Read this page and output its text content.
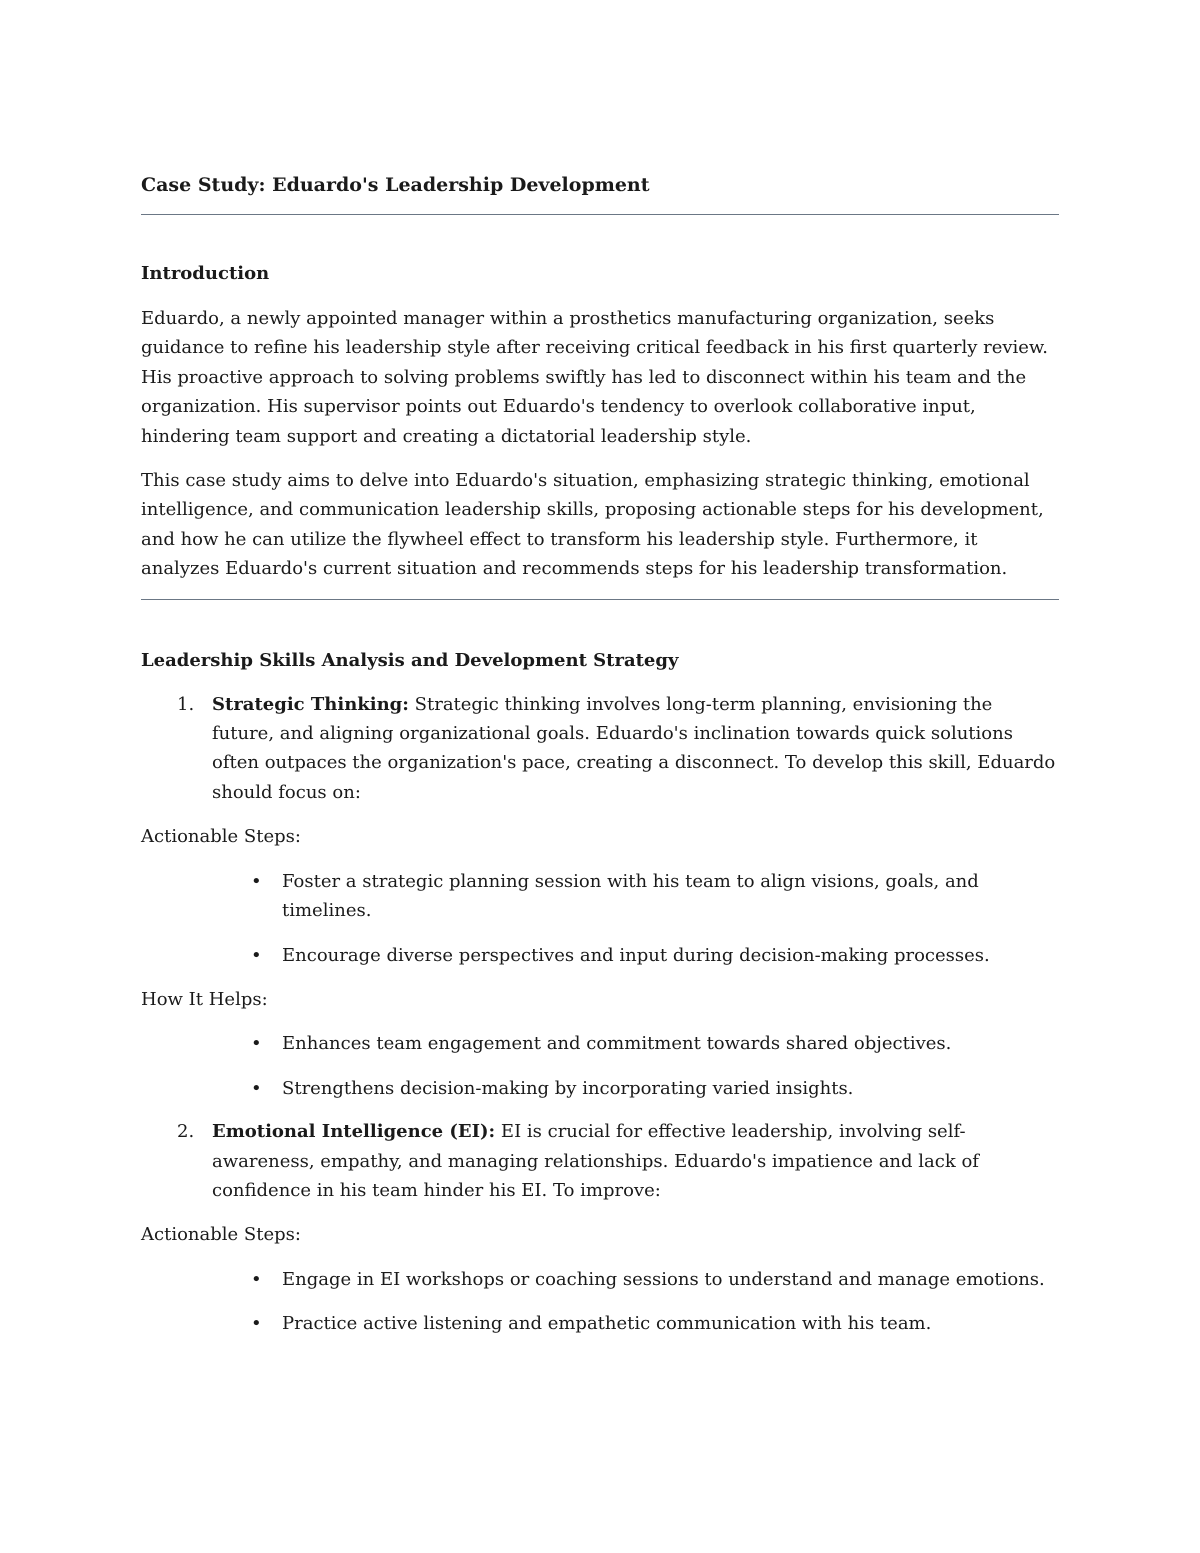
Case Study: Eduardo's Leadership Development
Introduction

Eduardo, a newly appointed manager within a prosthetics manufacturing organization, seeks guidance to refine his leadership style after receiving critical feedback in his first quarterly review. His proactive approach to solving problems swiftly has led to disconnect within his team and the organization. His supervisor points out Eduardo's tendency to overlook collaborative input, hindering team support and creating a dictatorial leadership style.

This case study aims to delve into Eduardo's situation, emphasizing strategic thinking, emotional intelligence, and communication leadership skills, proposing actionable steps for his development, and how he can utilize the flywheel effect to transform his leadership style. Furthermore, it analyzes Eduardo's current situation and recommends steps for his leadership transformation.

Leadership Skills Analysis and Development Strategy
1. Strategic Thinking: Strategic thinking involves long-term planning, envisioning the future, and aligning organizational goals. Eduardo's inclination towards quick solutions often outpaces the organization's pace, creating a disconnect. To develop this skill, Eduardo should focus on:

Actionable Steps:

• Foster a strategic planning session with his team to align visions, goals, and timelines.
• Encourage diverse perspectives and input during decision-making processes.

How It Helps:

• Enhances team engagement and commitment towards shared objectives.
• Strengthens decision-making by incorporating varied insights.
2. Emotional Intelligence (EI): EI is crucial for effective leadership, involving self-awareness, empathy, and managing relationships. Eduardo's impatience and lack of confidence in his team hinder his EI. To improve:

Actionable Steps:

• Engage in EI workshops or coaching sessions to understand and manage emotions.
• Practice active listening and empathetic communication with his team.
